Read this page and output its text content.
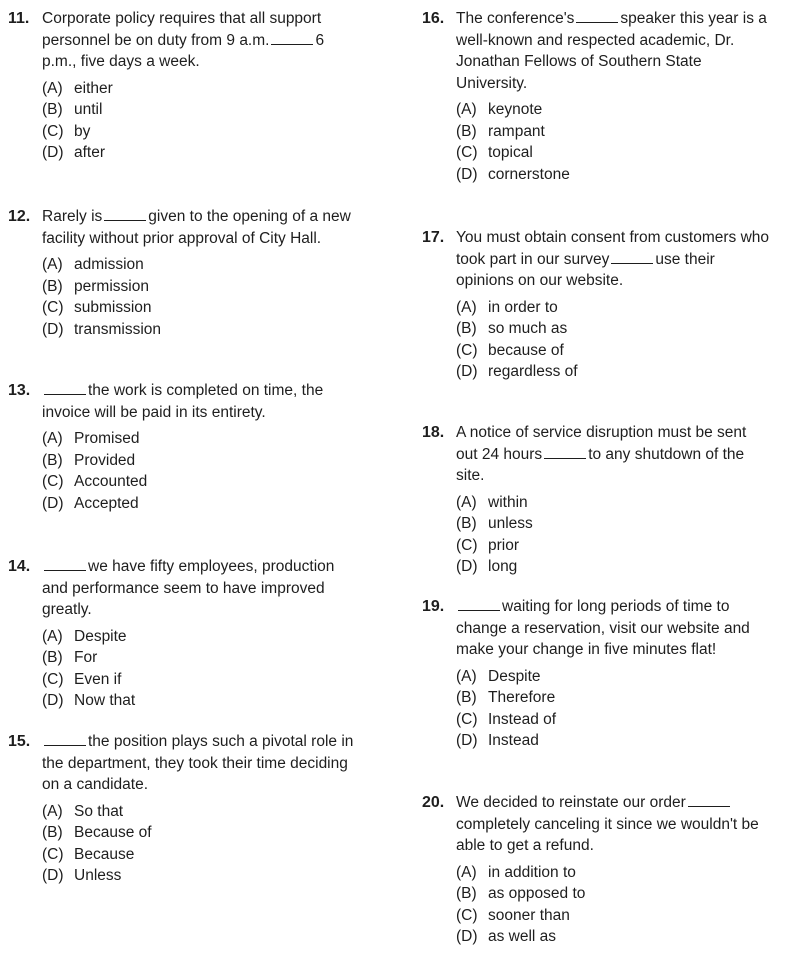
11. Corporate policy requires that all support personnel be on duty from 9 a.m.	6 p.m., five days a week.
(A) either
(B) until
(C) by
(D) after
12. Rarely is	given to the opening of a new facility without prior approval of City Hall.
(A) admission
(B) permission
(C) submission
(D) transmission
13.	the work is completed on time, the invoice will be paid in its entirety.
(A) Promised
(B) Provided
(C) Accounted
(D) Accepted
14.	we have fifty employees, production and performance seem to have improved greatly.
(A) Despite
(B) For
(C) Even if
(D) Now that
15.	the position plays such a pivotal role in the department, they took their time deciding on a candidate.
(A) So that
(B) Because of
(C) Because
(D) Unless
16. The conference's	speaker this year is a well-known and respected academic, Dr. Jonathan Fellows of Southern State University.
(A) keynote
(B) rampant
(C) topical
(D) cornerstone
17. You must obtain consent from customers who took part in our survey	use their opinions on our website.
(A) in order to
(B) so much as
(C) because of
(D) regardless of
18. A notice of service disruption must be sent out 24 hours	to any shutdown of the site.
(A) within
(B) unless
(C) prior
(D) long
19.	waiting for long periods of time to change a reservation, visit our website and make your change in five minutes flat!
(A) Despite
(B) Therefore
(C) Instead of
(D) Instead
20. We decided to reinstate our ordercompletely canceling it since we wouldn't be able to get a refund.
(A) in addition to
(B) as opposed to
(C) sooner than
(D) as well as
